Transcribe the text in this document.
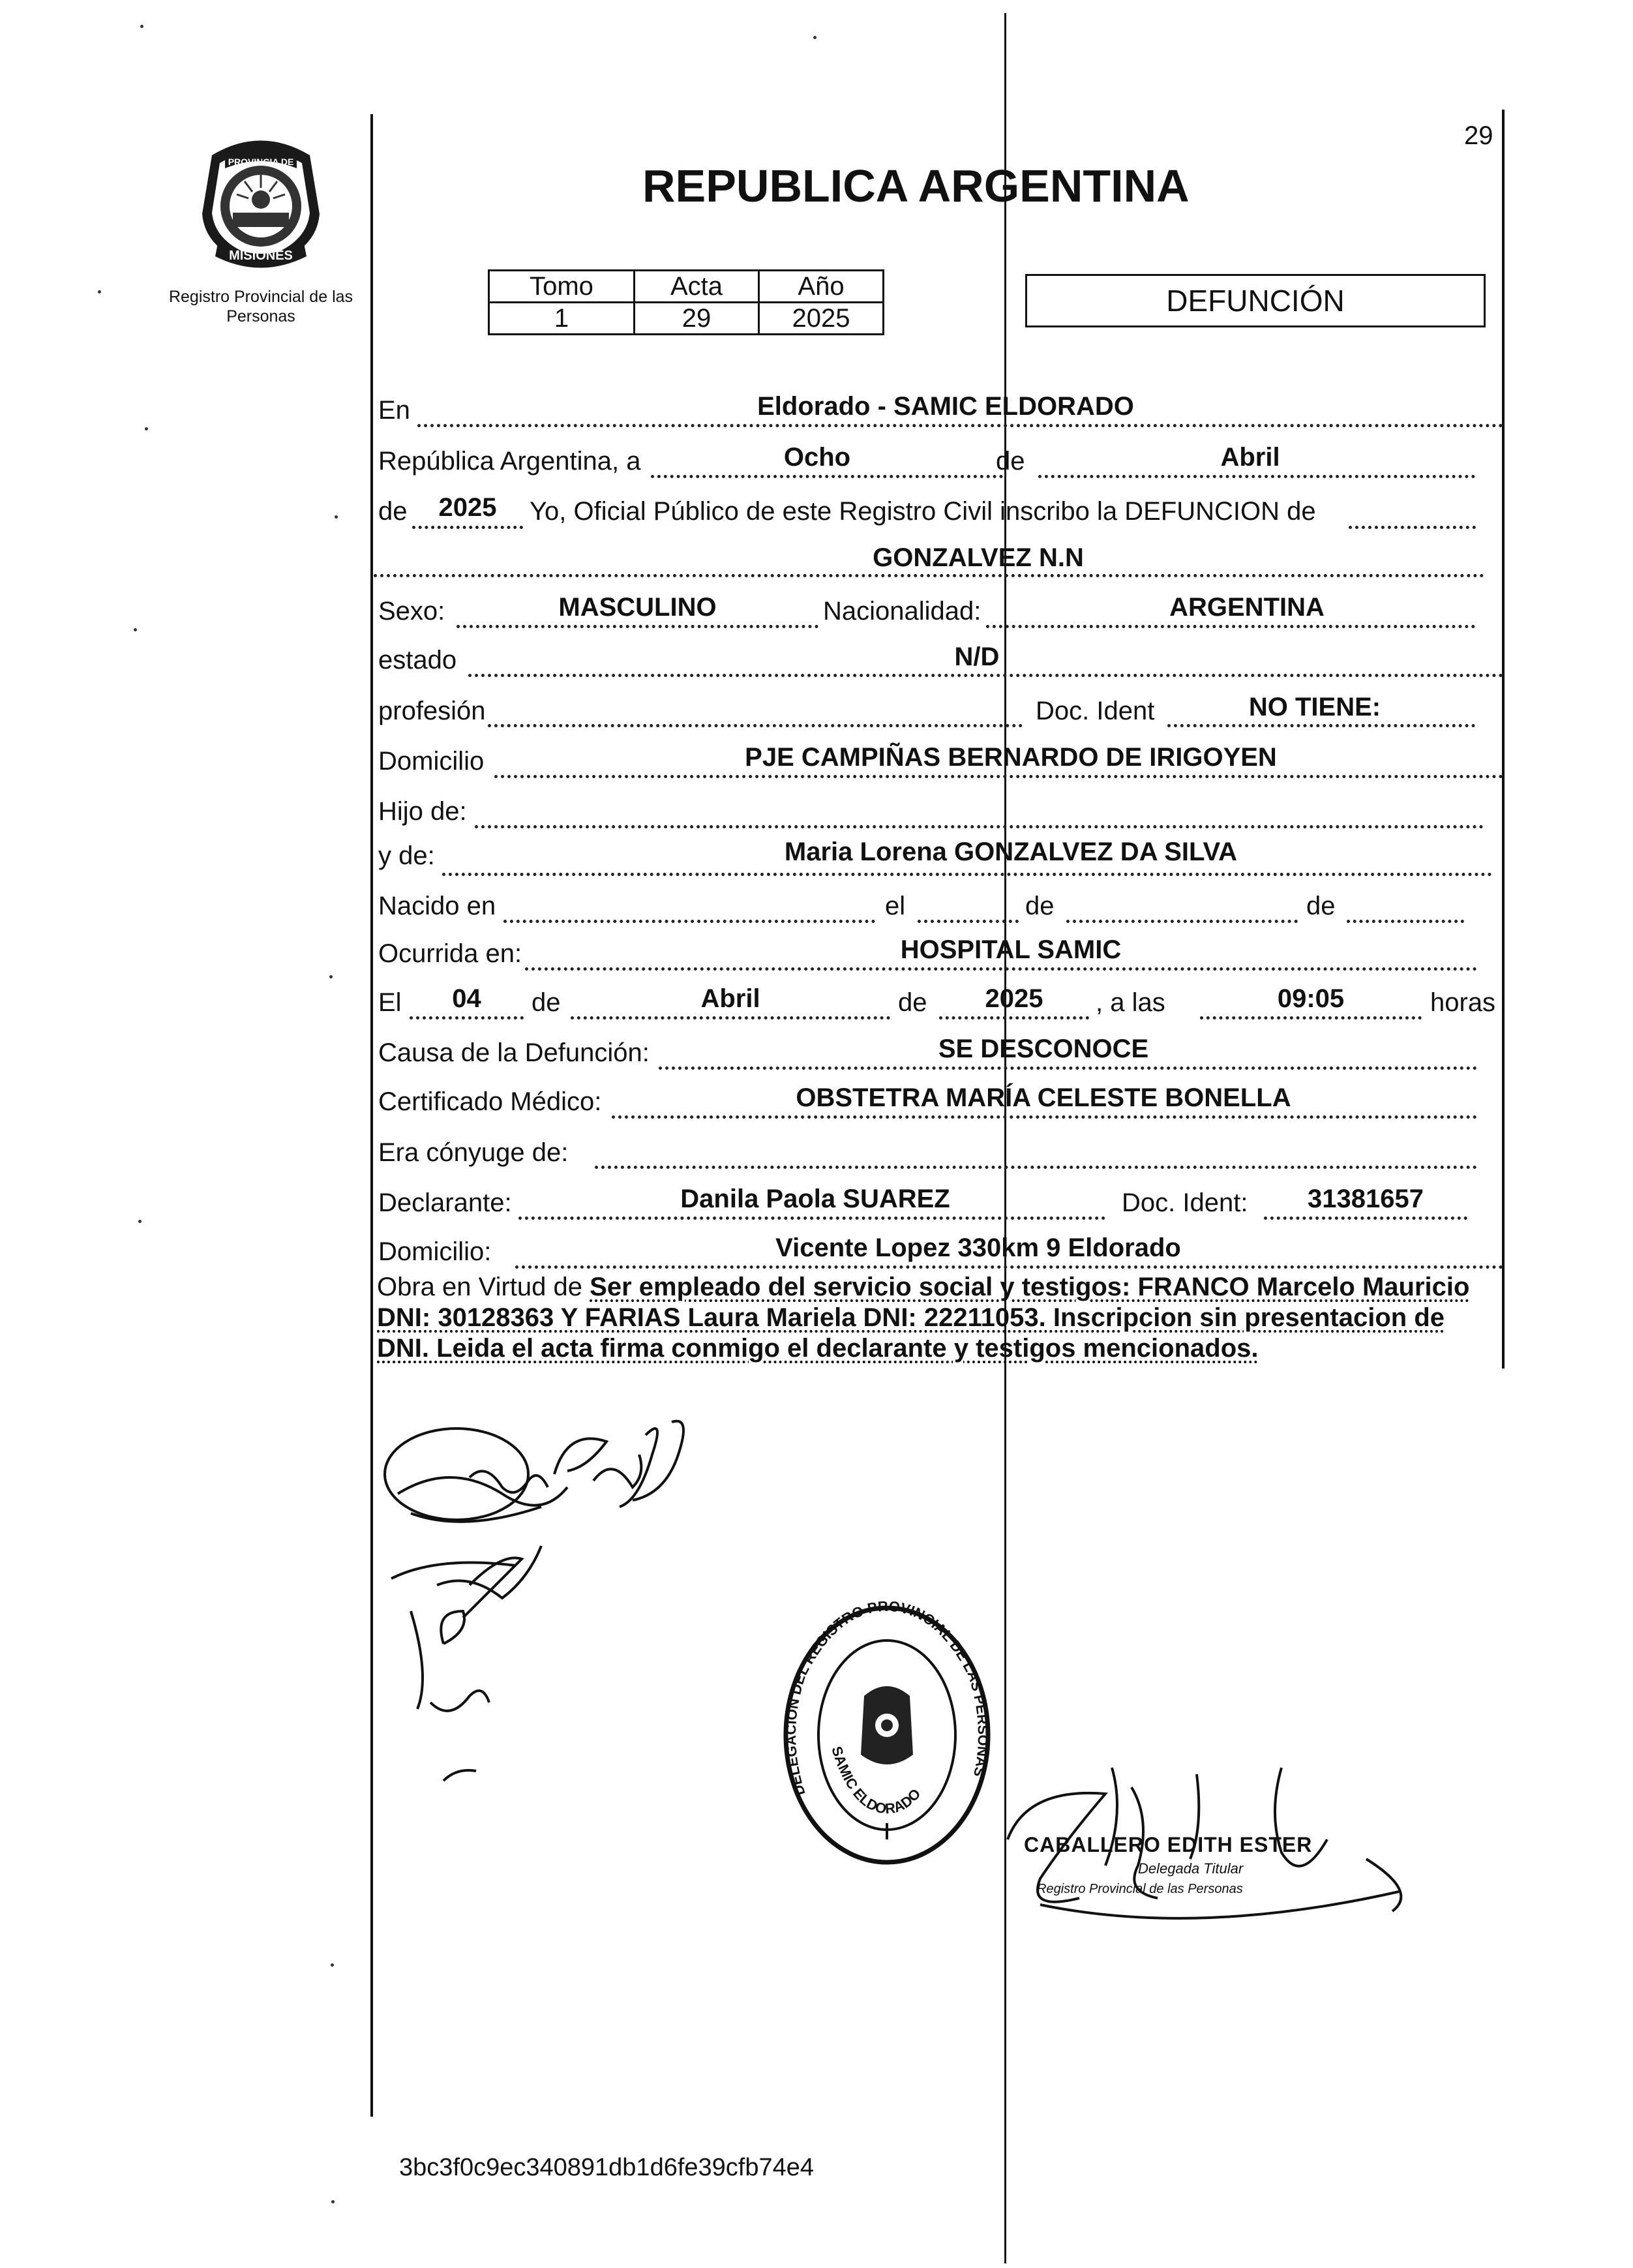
29
MISIONES
PROVINCIA DE
Registro Provincial de las Personas
REPUBLICA ARGENTINA
Tomo	Acta	Año
1	29	2025
DEFUNCIÓN
En	Eldorado - SAMIC ELDORADO
República Argentina, a	Ocho	de	Abril
de	2025	Yo, Oficial Público de este Registro Civil inscribo la DEFUNCION de
GONZALVEZ N.N
Sexo:	MASCULINO	Nacionalidad:	ARGENTINA
estado	N/D
profesión	Doc. Ident	NO TIENE:
Domicilio	PJE CAMPIÑAS BERNARDO DE IRIGOYEN
Hijo de:
y de:	Maria Lorena GONZALVEZ DA SILVA
Nacido en	el	de	de
Ocurrida en:	HOSPITAL SAMIC
El	04	de	Abril	de	2025	, a las	09:05	horas
Causa de la Defunción:	SE DESCONOCE
Certificado Médico:	OBSTETRA MARÍA CELESTE BONELLA
Era cónyuge de:
Declarante:	Danila Paola SUAREZ	Doc. Ident:	31381657
Domicilio:	Vicente Lopez 330km 9 Eldorado
Obra en Virtud de Ser empleado del servicio social y testigos: FRANCO Marcelo Mauricio DNI: 30128363 Y FARIAS Laura Mariela DNI: 22211053. Inscripcion sin presentacion de DNI. Leida el acta firma conmigo el declarante y testigos mencionados.
DELEGACION DEL REGISTRO PROVINCIAL DE LAS PERSONAS
SAMIC ELDORADO
CABALLERO EDITH ESTER
Delegada Titular
Registro Provincial de las Personas
3bc3f0c9ec340891db1d6fe39cfb74e4
